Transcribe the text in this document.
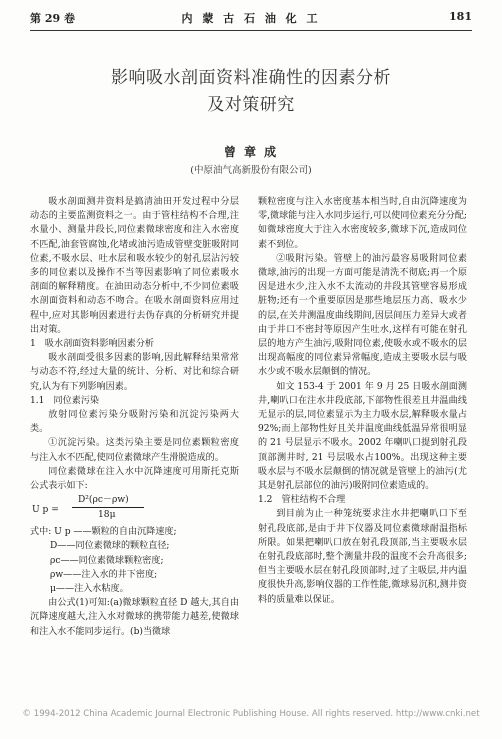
第 29 卷	内 蒙 古 石 油 化 工	181
影响吸水剖面资料准确性的因素分析
及对策研究
曾 章 成
(中原油气高新股份有限公司)

吸水剖面测井资料是搞清油田开发过程中分层动态的主要监测资料之一。由于管柱结构不合理,注水量小、测量井段长,同位素微球密度和注入水密度不匹配,油套管腐蚀,化堵或油污造成管壁变脏吸附同位素,不吸水层、吐水层和吸水较少的射孔层沾污较多的同位素以及操作不当等因素影响了同位素吸水剖面的解释精度。在油田动态分析中,不少同位素吸水剖面资料和动态不吻合。在吸水剖面资料应用过程中,应对其影响因素进行去伪存真的分析研究并提出对策。

1　吸水剖面资料影响因素分析

吸水剖面受很多因素的影响,因此解释结果常常与动态不符,经过大量的统计、分析、对比和综合研究,认为有下列影响因素。

1.1　同位素污染

放射同位素污染分吸附污染和沉淀污染两大类。

①沉淀污染。这类污染主要是同位素颗粒密度与注入水不匹配,使同位素微球产生滑脱造成的。

同位素微球在注入水中沉降速度可用斯托克斯公式表示如下:

U p =
D²(ρc－ρw)
18μ

式中: U p ——颗粒的自由沉降速度;

D——同位素微球的颗粒直径;

ρc——同位素微球颗粒密度;

ρw——注入水的井下密度;

μ——注入水粘度。

由公式(1)可知:(a)微球颗粒直径 D 越大,其自由沉降速度越大,注入水对微球的携带能力越差,使微球和注入水不能同步运行。(b)当微球

颗粒密度与注入水密度基本相当时,自由沉降速度为零,微球能与注入水同步运行,可以使同位素充分分配;如微球密度大于注入水密度较多,微球下沉,造成同位素不到位。

②吸附污染。管壁上的油污最容易吸附同位素微球,油污的出现一方面可能是清洗不彻底;再一个原因是进水少,注入水不太流动的井段其管壁容易形成脏物;还有一个重要原因是那些地层压力高、吸水少的层,在关井测温度曲线期间,因层间压力差异大或者由于井口不密封等原因产生吐水,这样有可能在射孔层的地方产生油污,吸附同位素,使吸水或不吸水的层出现高幅度的同位素异常幅度,造成主要吸水层与吸水少或不吸水层颠倒的情况。

如文 153-4 于 2001 年 9 月 25 日吸水剖面测井,喇叭口在注水井段底部,下部物性很差且井温曲线无显示的层,同位素显示为主力吸水层,解释吸水量占 92%;而上部物性好且关井温度曲线低温异常很明显的 21 号层显示不吸水。2002 年喇叭口提到射孔段顶部测井时, 21 号层吸水占100%。出现这种主要吸水层与不吸水层颠倒的情况就是管壁上的油污(尤其是射孔层部位的油污)吸附同位素造成的。

1.2　管柱结构不合理

到目前为止一种笼统要求注水井把喇叭口下至射孔段底部,是由于井下仪器及同位素微球耐温指标所限。如果把喇叭口放在射孔段顶部,当主要吸水层在射孔段底部时,整个测量井段的温度不会升高很多;但当主要吸水层在射孔段顶部时,过了主吸层,井内温度很快升高,影响仪器的工作性能,微球易沉积,测井资料的质量难以保证。

© 1994-2012 China Academic Journal Electronic Publishing House. All rights reserved. http://www.cnki.net
